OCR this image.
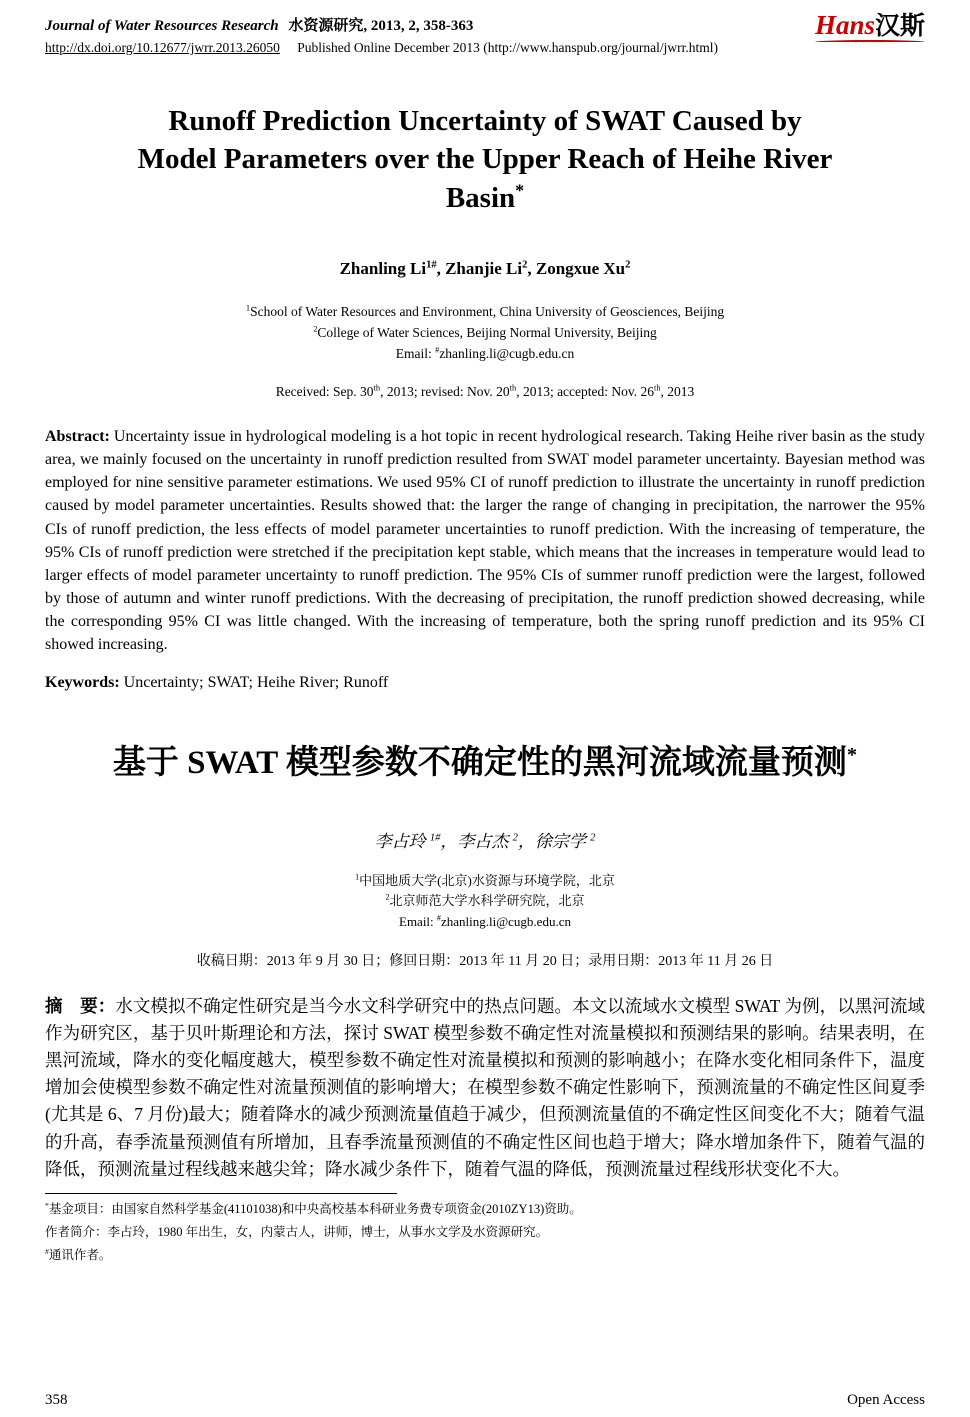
Journal of Water Resources Research 水资源研究, 2013, 2, 358-363
http://dx.doi.org/10.12677/jwrr.2013.26050 Published Online December 2013 (http://www.hanspub.org/journal/jwrr.html)
Hans汉斯
Runoff Prediction Uncertainty of SWAT Caused by
Model Parameters over the Upper Reach of Heihe River
Basin*
Zhanling $Li^{1\#}$, Zhanjie Li$^2$, Zongxue Xu$^2$
$^1$School of Water Resources and Environment, China University of Geosciences, Beijing
$^2$College of Water Sciences, Beijing Normal University, Beijing
Email: #zhanling.li@cugb.edu.cn
Received: Sep. 30th, 2013; revised: Nov. 20th, 2013; accepted: Nov. 26th, 2013
Abstract: Uncertainty issue in hydrological modeling is a hot topic in recent hydrological research. Taking Heihe river basin as the study area, we mainly focused on the uncertainty in runoff prediction resulted from SWAT model parameter uncertainty. Bayesian method was employed for nine sensitive parameter estimations. We used 95% CI of runoff prediction to illustrate the uncertainty in runoff prediction caused by model parameter uncertainties. Results showed that: the larger the range of changing in precipitation, the narrower the 95% CIs of runoff prediction, the less effects of model parameter uncertainties to runoff prediction. With the increasing of temperature, the 95% CIs of runoff prediction were stretched if the precipitation kept stable, which means that the increases in temperature would lead to larger effects of model parameter uncertainty to runoff prediction. The 95% CIs of summer runoff prediction were the largest, followed by those of autumn and winter runoff predictions. With the decreasing of precipitation, the runoff prediction showed decreasing, while the corresponding 95% CI was little changed. With the increasing of temperature, both the spring runoff prediction and its 95% CI showed increasing.
Keywords: Uncertainty; SWAT; Heihe River; Runoff
基于 SWAT 模型参数不确定性的黑河流域流量预测*
李占玲 $^{1\#}$，李占杰 $^2$，徐宗学 $^2$
$^1$中国地质大学(北京)水资源与环境学院，北京
$^2$北京师范大学水科学研究院，北京
Email: #zhanling.li@cugb.edu.cn
收稿日期：2013 年 9 月 30 日；修回日期：2013 年 11 月 20 日；录用日期：2013 年 11 月 26 日
摘　要：水文模拟不确定性研究是当今水文科学研究中的热点问题。本文以流域水文模型 SWAT 为例，以黑河流域作为研究区，基于贝叶斯理论和方法，探讨 SWAT 模型参数不确定性对流量模拟和预测结果的影响。结果表明，在黑河流域，降水的变化幅度越大，模型参数不确定性对流量模拟和预测的影响越小；在降水变化相同条件下，温度增加会使模型参数不确定性对流量预测值的影响增大；在模型参数不确定性影响下，预测流量的不确定性区间夏季(尤其是 6、7 月份)最大；随着降水的减少预测流量值趋于减少，但预测流量值的不确定性区间变化不大；随着气温的升高，春季流量预测值有所增加，且春季流量预测值的不确定性区间也趋于增大；降水增加条件下，随着气温的降低，预测流量过程线越来越尖耸；降水减少条件下，随着气温的降低，预测流量过程线形状变化不大。
*基金项目：由国家自然科学基金(41101038)和中央高校基本科研业务费专项资金(2010ZY13)资助。
作者简介：李占玲，1980 年出生，女，内蒙古人，讲师，博士，从事水文学及水资源研究。
#通讯作者。
358	Open Access
